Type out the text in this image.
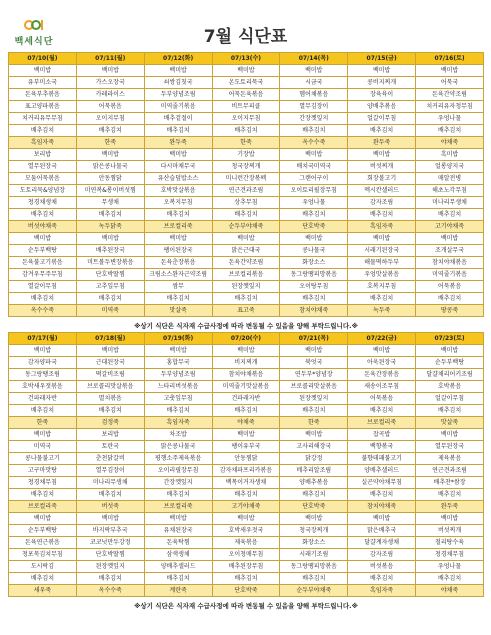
백세식단	7월 식단표
07/10(월)	07/11(월)	07/12(화)	07/13(수)	07/14(목)	07/15(금)	07/16(토)
백미밥	백미밥	백미밥	백미밥	백미밥	백미밥	백미밥
유부미소국	가스오장국	쇠쌍김칫국	온도토리묵국	시금국	콩비지찌개	어묵국
돈육부추볶음	카레라이스	두부양념조림	어묵돈육볶음	햄어채볶음	장육육이	돈육간약조림
표고양파볶음	어묵볶음	미역줄기볶음	비트무피클	열무김장이	양배추볶음	치커리유자청무침
치커리유무무침	오이지무침	배추겉절이	오이지무침	간장껫잎지	얼갈이무침	우엉나물
배추김치	배추김치	배추김치	배추김치	배추김치	배추김치	배추김치
흑임자죽	한죽	완두죽	한죽	옥수수죽	완두죽	야채죽
보리밥	백미밥	백미밥	기장밥	백미밥	백미밥	흑미밥
열무된장국	맑은콩나물국	다시마채무국	청국장찌개	배치국미역국	버섯찌개	얼롱양지국
모둠어묵볶음	안동찜닭	유산슬덮밥소스	미니런간장볶펙	그랜어구이	회장볼고기	매알전병
도토리묵&양념장	미연복&롱이버섯찜	호박맛살볶음	연근견과조림	오이토리필장무침	멕시칸샐러드	해초노각무침
청경채생채	무생채	오복지무침	상추무침	우엉나물	감자조림	미나리무생채
배추김치	배추김치	배추김치	배추김치	배추김치	배추김치	배추김치
버섯야채죽	녹두닭죽	브로컬리죽	순두부야채죽	단호박죽	흑임자죽	고기야채죽
백미밥	백미밥	백미밥	백미밥	백미밥	백미밥	백미밥
순두부백탕	배추된장국	팽이된장국	맑은근대국	콩나물국	시래기된장국	조개살무국
돈육불고기볶음	미트볼두변장볶음	돈육춘장볶음	돈육간약조림	화장소스	해물떡하두부	참치야채볶음
감겨우무주무침	단호박딸찜	크림소스완자근약조림	브로컬리볶음	동그랑땡피망볶음	우엉맛살볶음	미역줄기볶음
열갈이무침	고추잎무침	쌈무	된장껫잎지	오이탕무침	호복지무침	어묵볶음
배추김치	배추김치	배추김치	배추김치	배추김치	배추김치	배추김치
옥수수죽	미역죽	맛살죽	표고죽	참치야채죽	녹두죽	땅콩죽
※상기 식단은 식자재 수급사정에 따라 변동될 수 있음을 양해 부탁드립니다.※
07/17(월)	07/18(월)	07/19(화)	07/20(수)	07/21(목)	07/22(금)	07/23(토)
백미밥	백미밥	백미밥	백미밥	백미밥	백미밥	백미밥
감자양파국	근대된장국	홍합무국	비지찌개	북엇국	아욱된장국	순두부백탕
동그랑땡조림	떡갈비조림	두부양념조림	참치야채볶음	연두부*양념장	돈육간장볶음	달걀채리어키조림
호박새우젓볶음	브로콜리맛살볶음	느타리버섯볶음	미역줄기맛살볶음	브로콜리맛살볶음	새송이조무침	호박볶음
건파래자반	멸치볶음	고춧잎무침	건파래자반	된장껫잎지	어묵볶음	얼갈이무침
배추김치	배추김치	배추김치	배추김치	배추김치	배추김치	배추김치
한죽	검정죽	흑임자죽	야채죽	한죽	브로컬리죽	맛살죽
백미밥	보리밥	차조밥	백미밥	백미밥	잡곡밥	백미밥
미역국	토란국	맑은콩나물국	팽이유부국	고사리해장국	백향볶국	열무된장국
콩나물불고기	춘천닭갈비	평행소주제육볶음	안동찜닭	닭강정	불향데패불고기	제육볶음
고구마맛탕	열무김장이	오이리필장무침	감자채파프리카볶음	메추리알조림	양배추샐러드	연근견과조림
청경채무침	미나리무생채	간장껫잎지	백목이거자생채	양배추볶음	실곤약야채무침	배추찬*쌈장
배추김치	배추김치	배추김치	배추김치	배추김치	배추김치	배추김치
브로컬리죽	버섯죽	브로컬리죽	고기야채죽	단호박죽	참치야채죽	완두죽
백미밥	백미밥	백미밥	백미밥	백미밥	백미밥	백미밥
순두부백탕	바지락부추국	유채된장국	호박새우젓국	청국장찌개	맑은배추국	버섯찌개
돈육연근볶음	코코넛만두강정	돈육탁찜	제육볶음	화장소스	달걀계자생채	철리탕수육
청포묵김치무침	단호박딸찜	삼색생채	오이청매무침	시래기조림	감자조림	청경채무침
도시락김	된장껫잎지	양배추샐러드	배추된장무침	동그랑땡피망볶음	버섯볶음	우엉나물
배추김치	배추김치	배추김치	배추김치	배추김치	배추김치	배추김치
새우죽	옥수수죽	계란죽	단호박죽	순두부야채죽	흑임자죽	야채죽
※상기 식단은 식자재 수급사정에 따라 변동될 수 있음을 양해 부탁드립니다.※
